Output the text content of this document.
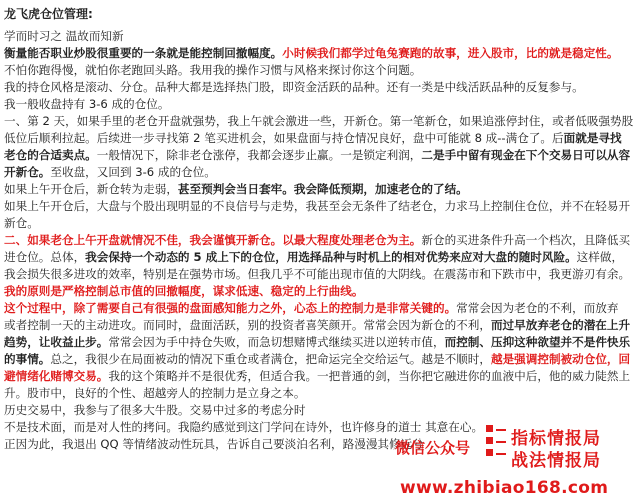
龙飞虎仓位管理:
学而时习之 温故而知新
衡量能否职业炒股很重要的一条就是能控制回撤幅度。小时候我们都学过龟兔赛跑的故事，进入股市，比的就是稳定性。
不怕你跑得慢，就怕你老跑回头路。我用我的操作习惯与风格来探讨你这个问题。
我的持仓风格是滚动、分仓。品种大都是选择热门股，即资金活跃的品种。还有一类是中线活跃品种的反复参与。
我一般收盘持有 3-6 成的仓位。
一、第 2 天，如果手里的老仓开盘就强势，我上午就会激进一些，开新仓。第一笔新仓，如果追涨停封住，或者低吸强势股
低位后顺利拉起。后续进一步寻找第 2 笔买进机会，如果盘面与持仓情况良好，盘中可能就 8 成--满仓了。后面就是寻找
老仓的合适卖点。一般情况下，除非老仓涨停，我都会逐步止赢。一是锁定利润，二是手中留有现金在下个交易日可以从容
开新仓。至收盘，又回到 3-6 成的仓位。
如果上午开仓后，新仓转为走弱，甚至预判会当日套牢。我会降低预期，加速老仓的了结。
如果上午开仓后，大盘与个股出现明显的不良信号与走势，我甚至会无条件了结老仓，力求马上控制住仓位，并不在轻易开
新仓。
二、如果老仓上午开盘就情况不佳，我会谨慎开新仓。以最大程度处理老仓为主。新仓的买进条件升高一个档次，且降低买
进仓位。总体，我会保持一个动态的 5 成上下的仓位，用选择品种与时机上的相对优势来应对大盘的随时风险。这样做，
我会损失很多进攻的效率，特别是在强势市场。但我几乎不可能出现市值的大阴线。在震荡市和下跌市中，我更游刃有余。
我的原则是严格控制总市值的回撤幅度，谋求低速、稳定的上行曲线。
这个过程中，除了需要自己有很强的盘面感知能力之外，心态上的控制力是非常关键的。常常会因为老仓的不利，而放弃
或者控制一天的主动进攻。而同时，盘面活跃，别的投资者喜笑颜开。常常会因为新仓的不利，而过早放弃老仓的潜在上升
趋势，让收益止步。常常会因为手中持仓失败，而急切想赌博式继续买进以逆转市值，而控制、压抑这种欲望并不是件快乐
的事情。总之，我很少在局面被动的情况下重仓或者满仓，把命运完全交给运气。越是不顺时，越是强调控制被动仓位，回
避情绪化赌博交易。我的这个策略并不是很优秀，但适合我。一把普通的剑，当你把它融进你的血液中后，他的威力陡然上
升。股市中，良好的个性、超越旁人的控制力是立身之本。
历史交易中，我参与了很多大牛股。交易中过多的考虑分时
不是技术面，而是对人性的拷问。我隐约感觉到这门学问在诗外，也许修身的道士 其意在心。
正因为此，我退出 QQ 等情绪波动性玩具，告诉自己要淡泊名利，路漫漫其修远兮
微信公众号 指标情报局
战法情报局
www.zhibiao168.com
